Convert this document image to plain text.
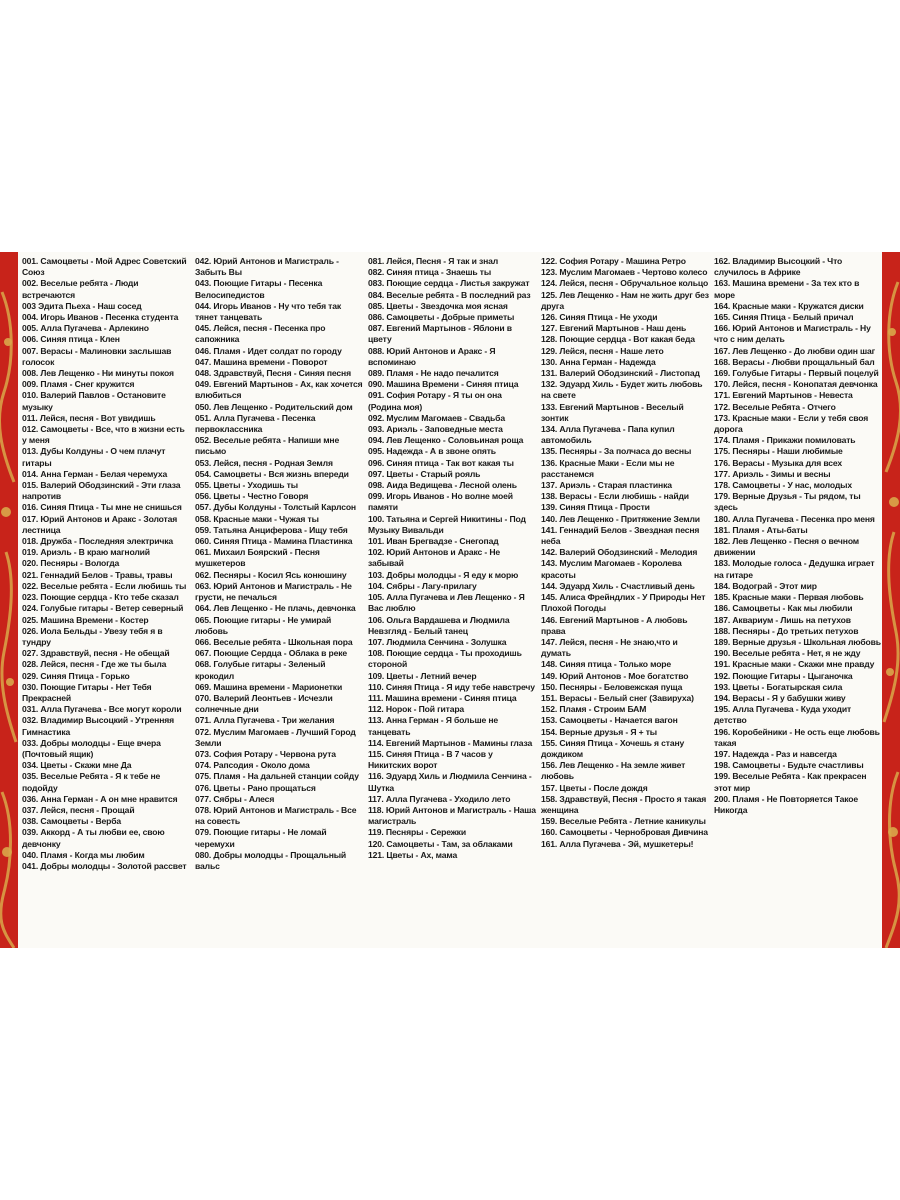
001. Самоцветы - Мой Адрес Советский Союз

002. Веселые ребята - Люди встречаются

003 Эдита Пьеха - Наш сосед

004. Игорь Иванов - Песенка студента

005. Алла Пугачева - Арлекино

006. Синяя птица - Клен

007. Верасы - Малиновки заслышав голосок

008. Лев Лещенко - Ни минуты покоя

009. Пламя - Снег кружится

010. Валерий Павлов - Остановите музыку

011. Лейся, песня - Вот увидишь

012. Самоцветы - Все, что в жизни есть у меня

013. Дубы Колдуны - О чем плачут гитары

014. Анна Герман - Белая черемуха

015. Валерий Ободзинский - Эти глаза напротив

016. Синяя Птица - Ты мне не снишься

017. Юрий Антонов и Аракс - Золотая лестница

018. Дружба - Последняя электричка

019. Ариэль - В краю магнолий

020. Песняры - Вологда

021. Геннадий Белов - Травы, травы

022. Веселые ребята - Если любишь ты

023. Поющие сердца - Кто тебе сказал

024. Голубые гитары - Ветер северный

025. Машина Времени - Костер

026. Иола Бельды - Увезу тебя я в тундру

027. Здравствуй, песня - Не обещай

028. Лейся, песня - Где же ты была

029. Синяя Птица - Горько

030. Поющие Гитары - Нет Тебя Прекрасней

031. Алла Пугачева - Все могут короли

032. Владимир Высоцкий - Утренняя Гимнастика

033. Добры молодцы - Еще вчера (Почтовый ящик)

034. Цветы - Скажи мне Да

035. Веселые Ребята - Я к тебе не подойду

036. Анна Герман - А он мне нравится

037. Лейся, песня - Прощай

038. Самоцветы - Верба

039. Аккорд - А ты любви ее, свою девчонку

040. Пламя - Когда мы любим

041. Добры молодцы - Золотой рассвет

042. Юрий Антонов и Магистраль - Забыть Вы

043. Поющие Гитары - Песенка Велосипедистов

044. Игорь Иванов - Ну что тебя так тянет танцевать

045. Лейся, песня - Песенка про сапожника

046. Пламя - Идет солдат по городу

047. Машина времени - Поворот

048. Здравствуй, Песня - Синяя песня

049. Евгений Мартынов - Ах, как хочется влюбиться

050. Лев Лещенко - Родительский дом

051. Алла Пугачева - Песенка первоклассника

052. Веселые ребята - Напиши мне письмо

053. Лейся, песня - Родная Земля

054. Самоцветы - Вся жизнь впереди

055. Цветы - Уходишь ты

056. Цветы - Честно Говоря

057. Дубы Колдуны - Толстый Карлсон

058. Красные маки - Чужая ты

059. Татьяна Анциферова - Ищу тебя

060. Синяя Птица - Мамина Пластинка

061. Михаил Боярский - Песня мушкетеров

062. Песняры - Косил Ясь конюшину

063. Юрий Антонов и Магистраль - Не грусти, не печалься

064. Лев Лещенко - Не плачь, девчонка

065. Поющие гитары - Не умирай любовь

066. Веселые ребята - Школьная пора

067. Поющие Сердца - Облака в реке

068. Голубые гитары - Зеленый крокодил

069. Машина времени - Марионетки

070. Валерий Леонтьев - Исчезли солнечные дни

071. Алла Пугачева - Три желания

072. Муслим Магомаев - Лучший Город Земли

073. София Ротару - Червона рута

074. Рапсодия - Около дома

075. Пламя - На дальней станции сойду

076. Цветы - Рано прощаться

077. Сябры - Алеся

078. Юрий Антонов и Магистраль - Все на совесть

079. Поющие гитары - Не ломай черемухи

080. Добры молодцы - Прощальный вальс

081. Лейся, Песня - Я так и знал

082. Синяя птица - Знаешь ты

083. Поющие сердца - Листья закружат

084. Веселые ребята - В последний раз

085. Цветы - Звездочка моя ясная

086. Самоцветы - Добрые приметы

087. Евгений Мартынов - Яблони в цвету

088. Юрий Антонов и Аракс - Я вспоминаю

089. Пламя - Не надо печалится

090. Машина Времени - Синяя птица

091. София Ротару - Я ты он она (Родина моя)

092. Муслим Магомаев - Свадьба

093. Ариэль - Заповедные места

094. Лев Лещенко - Соловьиная роща

095. Надежда - А в звоне опять

096. Синяя птица - Так вот какая ты

097. Цветы - Старый рояль

098. Аида Ведищева - Лесной олень

099. Игорь Иванов - Но волне моей памяти

100. Татьяна и Сергей Никитины - Под Музыку Вивальди

101. Иван Брегвадзе - Снегопад

102. Юрий Антонов и Аракс - Не забывай

103. Добры молодцы - Я еду к морю

104. Сябры - Лагу-прилагу

105. Алла Пугачева и Лев Лещенко - Я Вас люблю

106. Ольга Вардашева и Людмила Невзгляд - Белый танец

107. Людмила Сенчина - Золушка

108. Поющие сердца - Ты проходишь стороной

109. Цветы - Летний вечер

110. Синяя Птица - Я иду тебе навстречу

111. Машина времени - Синяя птица

112. Норок - Пой гитара

113. Анна Герман - Я больше не танцевать

114. Евгений Мартынов - Мамины глаза

115. Синяя Птица - В 7 часов у Никитских ворот

116. Эдуард Хиль и Людмила Сенчина - Шутка

117. Алла Пугачева - Уходило лето

118. Юрий Антонов и Магистраль - Наша магистраль

119. Песняры - Сережки

120. Самоцветы - Там, за облаками

121. Цветы - Ах, мама

122. София Ротару - Машина Ретро

123. Муслим Магомаев - Чертово колесо

124. Лейся, песня - Обручальное кольцо

125. Лев Лещенко - Нам не жить друг без друга

126. Синяя Птица - Не уходи

127. Евгений Мартынов - Наш день

128. Поющие сердца - Вот какая беда

129. Лейся, песня - Наше лето

130. Анна Герман - Надежда

131. Валерий Ободзинский - Листопад

132. Эдуард Хиль - Будет жить любовь на свете

133. Евгений Мартынов - Веселый зонтик

134. Алла Пугачева - Папа купил автомобиль

135. Песняры - За полчаса до весны

136. Красные Маки - Если мы не расстанемся

137. Ариэль - Старая пластинка

138. Верасы - Если любишь - найди

139. Синяя Птица - Прости

140. Лев Лещенко - Притяжение Земли

141. Геннадий Белов - Звездная песня неба

142. Валерий Ободзинский - Мелодия

143. Муслим Магомаев - Королева красоты

144. Эдуард Хиль - Счастливый день

145. Алиса Фрейндлих - У Природы Нет Плохой Погоды

146. Евгений Мартынов - А любовь права

147. Лейся, песня - Не знаю,что и думать

148. Синяя птица - Только море

149. Юрий Антонов - Мое богатство

150. Песняры - Беловежская пуща

151. Верасы - Белый снег (Завируха)

152. Пламя - Строим БАМ

153. Самоцветы - Начается вагон

154. Верные друзья - Я + ты

155. Синяя Птица - Хочешь я стану дождиком

156. Лев Лещенко - На земле живет любовь

157. Цветы - После дождя

158. Здравствуй, Песня - Просто я такая женщина

159. Веселые Ребята - Летние каникулы

160. Самоцветы - Чернобровая Дивчина

161. Алла Пугачева - Эй, мушкетеры!

162. Владимир Высоцкий - Что случилось в Африке

163. Машина времени - За тех кто в море

164. Красные маки - Кружатся диски

165. Синяя Птица - Белый причал

166. Юрий Антонов и Магистраль - Ну что с ним делать

167. Лев Лещенко - До любви один шаг

168. Верасы - Любви прощальный бал

169. Голубые Гитары - Первый поцелуй

170. Лейся, песня - Конопатая девчонка

171. Евгений Мартынов - Невеста

172. Веселые Ребята - Отчего

173. Красные маки - Если у тебя своя дорога

174. Пламя - Прикажи помиловать

175. Песняры - Наши любимые

176. Верасы - Музыка для всех

177. Ариэль - Зимы и весны

178. Самоцветы - У нас, молодых

179. Верные Друзья - Ты рядом, ты здесь

180. Алла Пугачева - Песенка про меня

181. Пламя - Аты-баты

182. Лев Лещенко - Песня о вечном движении

183. Молодые голоса - Дедушка играет на гитаре

184. Водограй - Этот мир

185. Красные маки - Первая любовь

186. Самоцветы - Как мы любили

187. Аквариум - Лишь на петухов

188. Песняры - До третьих петухов

189. Верные друзья - Школьная любовь

190. Веселые ребята - Нет, я не жду

191. Красные маки - Скажи мне правду

192. Поющие Гитары - Цыганочка

193. Цветы - Богатырская сила

194. Верасы - Я у бабушки живу

195. Алла Пугачева - Куда уходит детство

196. Коробейники - Не ость еще любовь такая

197. Надежда - Раз и навсегда

198. Самоцветы - Будьте счастливы

199. Веселые Ребята - Как прекрасен этот мир

200. Пламя - Не Повторяется Такое Никогда
